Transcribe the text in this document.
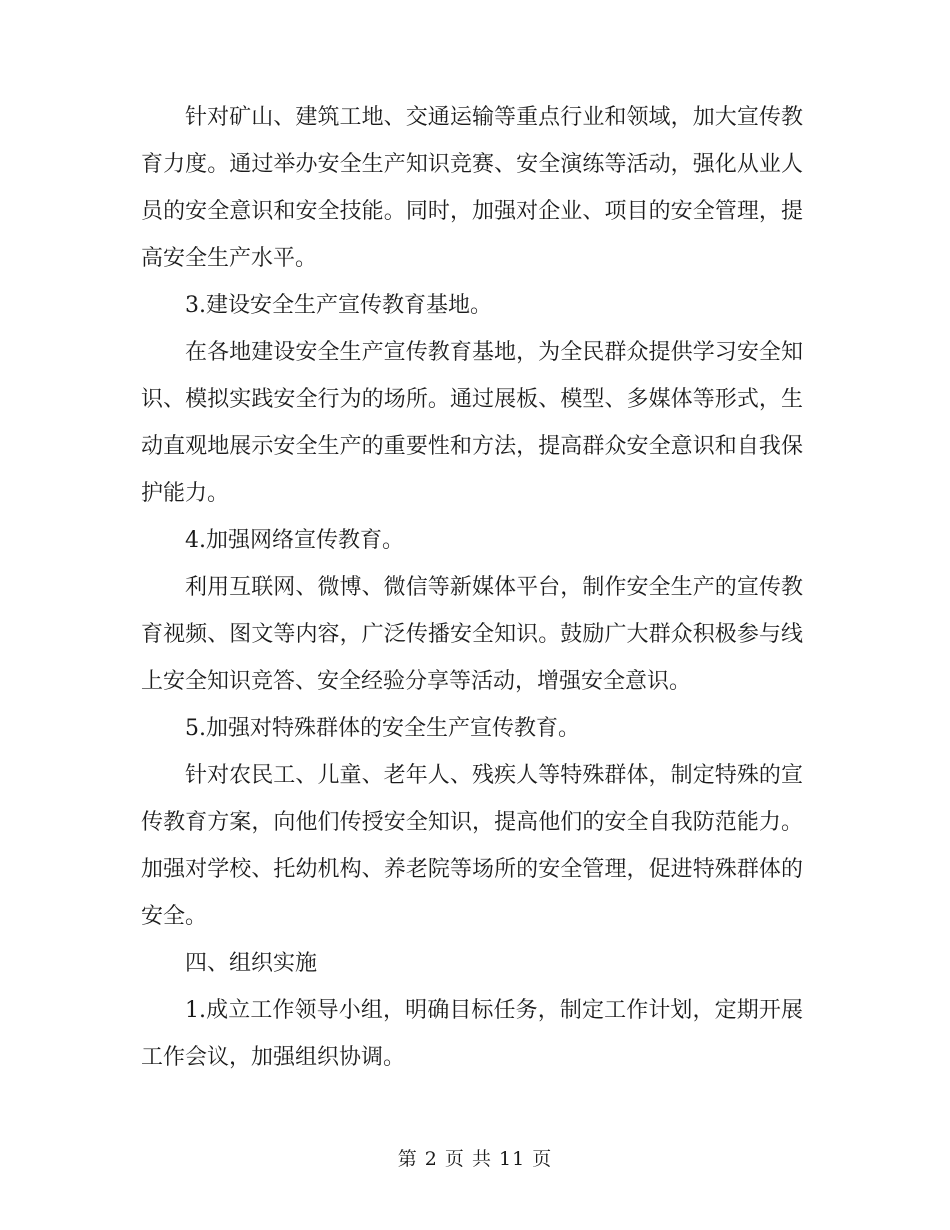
针对矿山、建筑工地、交通运输等重点行业和领域，加大宣传教育力度。通过举办安全生产知识竞赛、安全演练等活动，强化从业人员的安全意识和安全技能。同时，加强对企业、项目的安全管理，提高安全生产水平。

3.建设安全生产宣传教育基地。

在各地建设安全生产宣传教育基地，为全民群众提供学习安全知识、模拟实践安全行为的场所。通过展板、模型、多媒体等形式，生动直观地展示安全生产的重要性和方法，提高群众安全意识和自我保护能力。

4.加强网络宣传教育。

利用互联网、微博、微信等新媒体平台，制作安全生产的宣传教育视频、图文等内容，广泛传播安全知识。鼓励广大群众积极参与线上安全知识竞答、安全经验分享等活动，增强安全意识。

5.加强对特殊群体的安全生产宣传教育。

针对农民工、儿童、老年人、残疾人等特殊群体，制定特殊的宣传教育方案，向他们传授安全知识，提高他们的安全自我防范能力。加强对学校、托幼机构、养老院等场所的安全管理，促进特殊群体的安全。

四、组织实施

1.成立工作领导小组，明确目标任务，制定工作计划，定期开展工作会议，加强组织协调。

第 2 页 共 11 页
